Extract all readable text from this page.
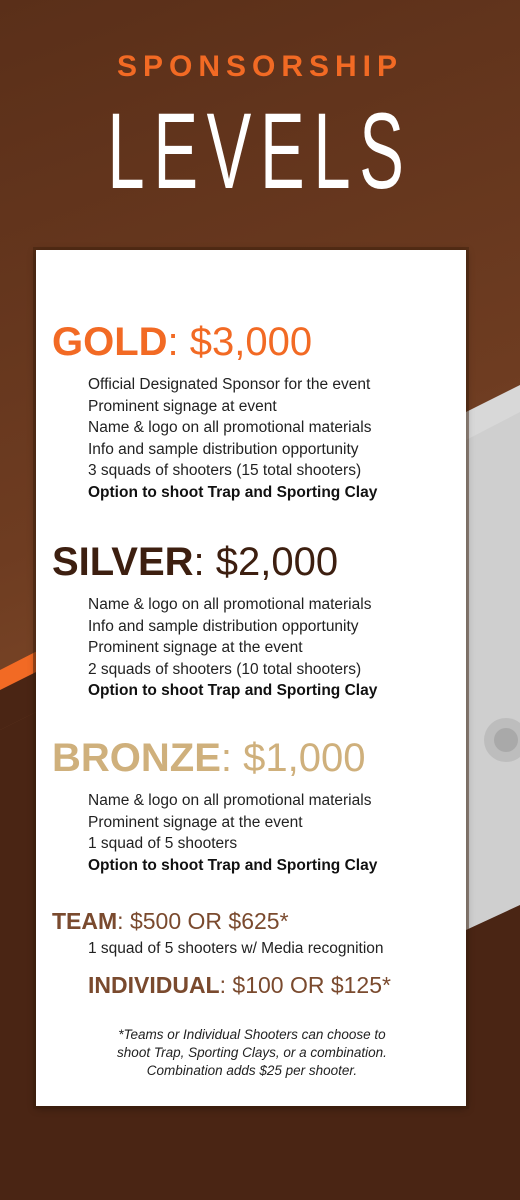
SPONSORSHIP
LEVELS
GOLD: $3,000
Official Designated Sponsor for the event
Prominent signage at event
Name & logo on all promotional materials
Info and sample distribution opportunity
3 squads of shooters (15 total shooters)
Option to shoot Trap and Sporting Clay
SILVER: $2,000
Name & logo on all promotional materials
Info and sample distribution opportunity
Prominent signage at the event
2 squads of shooters (10 total shooters)
Option to shoot Trap and Sporting Clay
BRONZE: $1,000
Name & logo on all promotional materials
Prominent signage at the event
1 squad of 5 shooters
Option to shoot Trap and Sporting Clay
TEAM: $500 OR $625*
1 squad of 5 shooters w/ Media recognition
INDIVIDUAL: $100 OR $125*
*Teams or Individual Shooters can choose to
shoot Trap, Sporting Clays, or a combination.
Combination adds $25 per shooter.
